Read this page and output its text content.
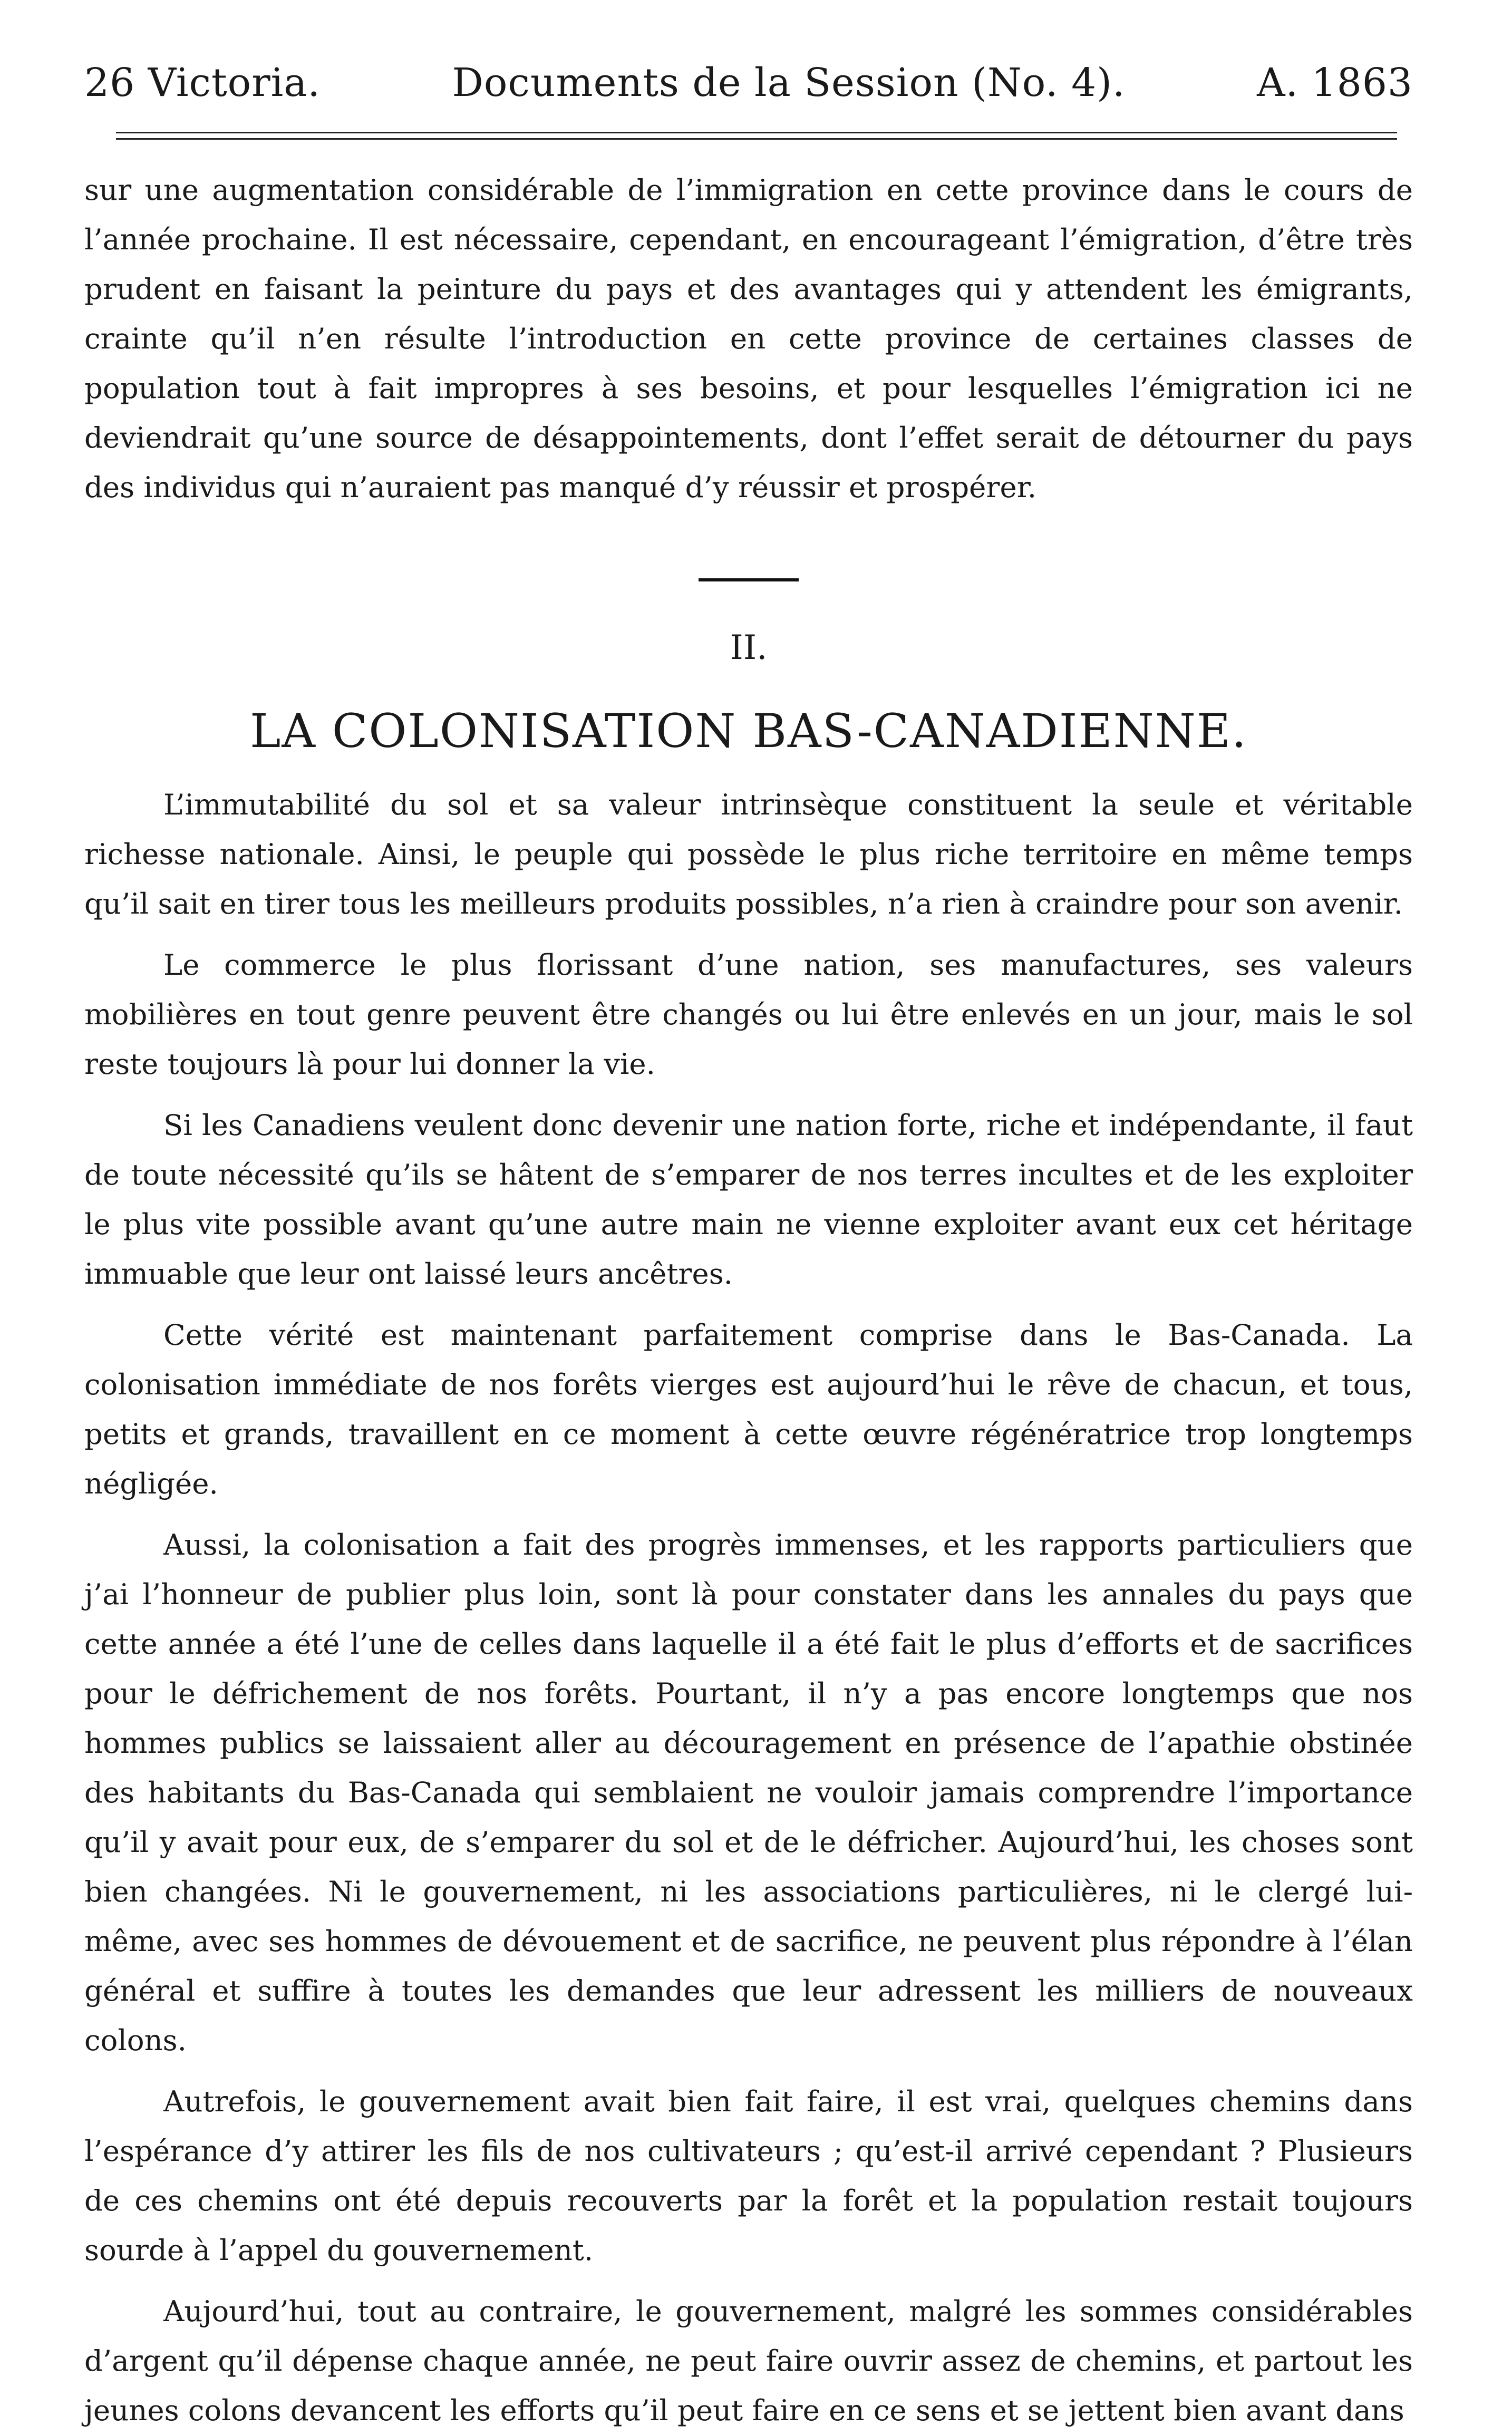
26 Victoria.	Documents de la Session (No. 4).	A. 1863

sur une augmentation considérable de l’immigration en cette province dans le cours de l’année prochaine. Il est nécessaire, cependant, en encourageant l’émigration, d’être très prudent en faisant la peinture du pays et des avantages qui y attendent les émigrants, crainte qu’il n’en résulte l’introduction en cette province de certaines classes de population tout à fait impropres à ses besoins, et pour lesquelles l’émigration ici ne deviendrait qu’une source de désappointements, dont l’effet serait de détourner du pays des individus qui n’auraient pas manqué d’y réussir et prospérer.

II.
LA COLONISATION BAS-CANADIENNE.

L’immutabilité du sol et sa valeur intrinsèque constituent la seule et véritable richesse nationale. Ainsi, le peuple qui possède le plus riche territoire en même temps qu’il sait en tirer tous les meilleurs produits possibles, n’a rien à craindre pour son avenir.

Le commerce le plus florissant d’une nation, ses manufactures, ses valeurs mobilières en tout genre peuvent être changés ou lui être enlevés en un jour, mais le sol reste toujours là pour lui donner la vie.

Si les Canadiens veulent donc devenir une nation forte, riche et indépendante, il faut de toute nécessité qu’ils se hâtent de s’emparer de nos terres incultes et de les exploiter le plus vite possible avant qu’une autre main ne vienne exploiter avant eux cet héritage immuable que leur ont laissé leurs ancêtres.

Cette vérité est maintenant parfaitement comprise dans le Bas-Canada. La colonisation immédiate de nos forêts vierges est aujourd’hui le rêve de chacun, et tous, petits et grands, travaillent en ce moment à cette œuvre régénératrice trop longtemps négligée.

Aussi, la colonisation a fait des progrès immenses, et les rapports particuliers que j’ai l’honneur de publier plus loin, sont là pour constater dans les annales du pays que cette année a été l’une de celles dans laquelle il a été fait le plus d’efforts et de sacrifices pour le défrichement de nos forêts. Pourtant, il n’y a pas encore longtemps que nos hommes publics se laissaient aller au découragement en présence de l’apathie obstinée des habitants du Bas-Canada qui semblaient ne vouloir jamais comprendre l’importance qu’il y avait pour eux, de s’emparer du sol et de le défricher. Aujourd’hui, les choses sont bien changées. Ni le gouvernement, ni les associations particulières, ni le clergé lui-même, avec ses hommes de dévouement et de sacrifice, ne peuvent plus répondre à l’élan général et suffire à toutes les demandes que leur adressent les milliers de nouveaux colons.

Autrefois, le gouvernement avait bien fait faire, il est vrai, quelques chemins dans l’espérance d’y attirer les fils de nos cultivateurs ; qu’est-il arrivé cependant ? Plusieurs de ces chemins ont été depuis recouverts par la forêt et la population restait toujours sourde à l’appel du gouvernement.

Aujourd’hui, tout au contraire, le gouvernement, malgré les sommes considérables d’argent qu’il dépense chaque année, ne peut faire ouvrir assez de chemins, et partout les jeunes colons devancent les efforts qu’il peut faire en ce sens et se jettent bien avant dans
